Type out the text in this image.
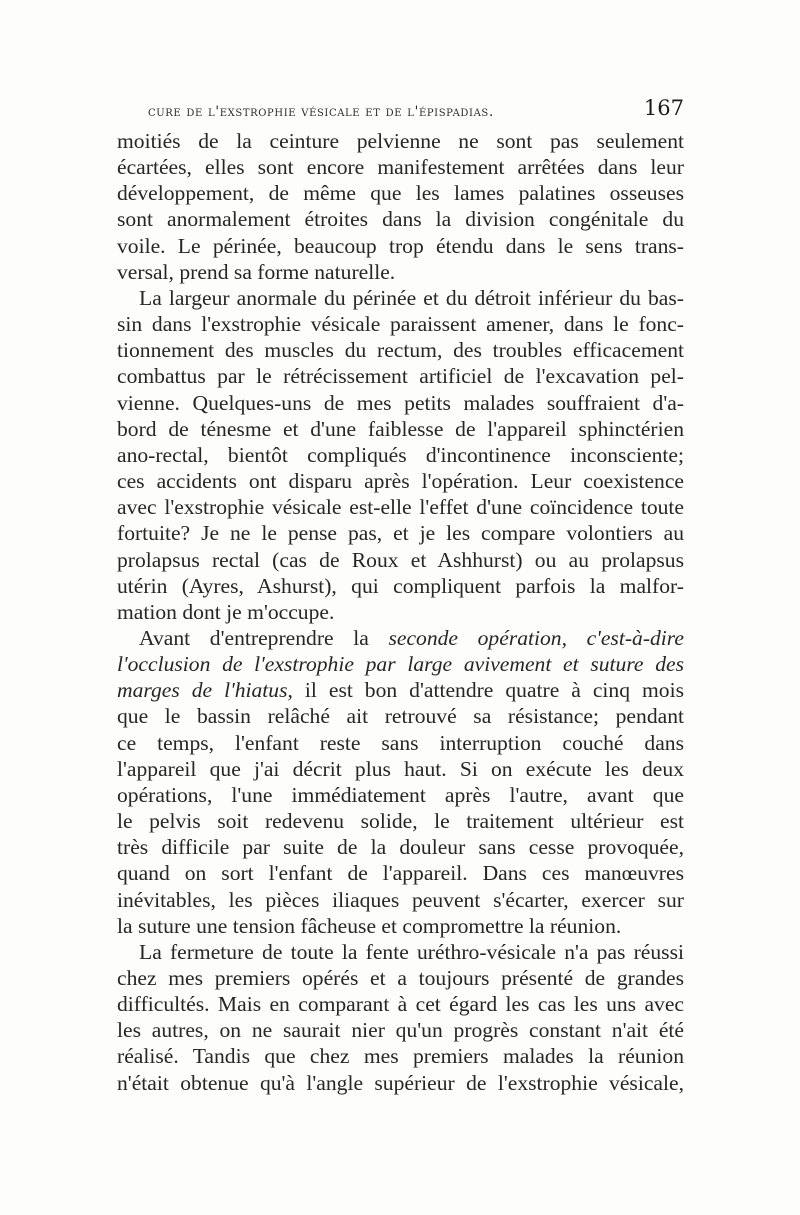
cure de l'exstrophie vésicale et de l'épispadias.	167

moitiés de la ceinture pelvienne ne sont pas seulement
écartées, elles sont encore manifestement arrêtées dans leur
développement, de même que les lames palatines osseuses
sont anormalement étroites dans la division congénitale du
voile. Le périnée, beaucoup trop étendu dans le sens trans-
versal, prend sa forme naturelle.

La largeur anormale du périnée et du détroit inférieur du bas-
sin dans l'exstrophie vésicale paraissent amener, dans le fonc-
tionnement des muscles du rectum, des troubles efficacement
combattus par le rétrécissement artificiel de l'excavation pel-
vienne. Quelques-uns de mes petits malades souffraient d'a-
bord de ténesme et d'une faiblesse de l'appareil sphinctérien
ano-rectal, bientôt compliqués d'incontinence inconsciente;
ces accidents ont disparu après l'opération. Leur coexistence
avec l'exstrophie vésicale est-elle l'effet d'une coïncidence toute
fortuite? Je ne le pense pas, et je les compare volontiers au
prolapsus rectal (cas de Roux et Ashhurst) ou au prolapsus
utérin (Ayres, Ashurst), qui compliquent parfois la malfor-
mation dont je m'occupe.

Avant d'entreprendre la seconde opération, c'est-à-dire
l'occlusion de l'exstrophie par large avivement et suture des
marges de l'hiatus, il est bon d'attendre quatre à cinq mois
que le bassin relâché ait retrouvé sa résistance; pendant
ce temps, l'enfant reste sans interruption couché dans
l'appareil que j'ai décrit plus haut. Si on exécute les deux
opérations, l'une immédiatement après l'autre, avant que
le pelvis soit redevenu solide, le traitement ultérieur est
très difficile par suite de la douleur sans cesse provoquée,
quand on sort l'enfant de l'appareil. Dans ces manœuvres
inévitables, les pièces iliaques peuvent s'écarter, exercer sur
la suture une tension fâcheuse et compromettre la réunion.

La fermeture de toute la fente uréthro-vésicale n'a pas réussi
chez mes premiers opérés et a toujours présenté de grandes
difficultés. Mais en comparant à cet égard les cas les uns avec
les autres, on ne saurait nier qu'un progrès constant n'ait été
réalisé. Tandis que chez mes premiers malades la réunion
n'était obtenue qu'à l'angle supérieur de l'exstrophie vésicale,
